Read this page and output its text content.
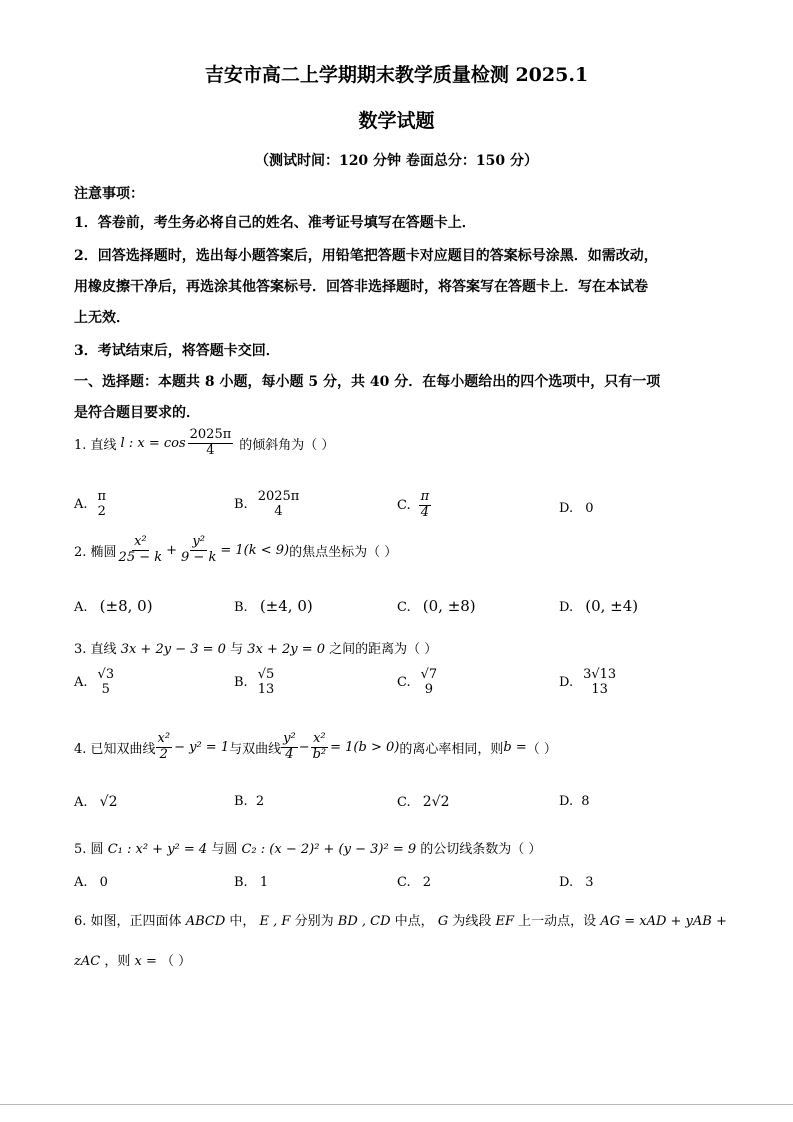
吉安市高二上学期期末教学质量检测 2025.1
数学试题
（测试时间：120 分钟 卷面总分：150 分）
注意事项：
1．答卷前，考生务必将自己的姓名、准考证号填写在答题卡上．
2．回答选择题时，选出每小题答案后，用铅笔把答题卡对应题目的答案标号涂黑．如需改动，
用橡皮擦干净后，再选涂其他答案标号．回答非选择题时，将答案写在答题卡上．写在本试卷
上无效．
3．考试结束后，将答题卡交回．
一、选择题：本题共 8 小题，每小题 5 分，共 40 分．在每小题给出的四个选项中，只有一项
是符合题目要求的．
1. 直线 l : $x = \cos \frac{2025\pi}{4}$ 的倾斜角为（ ）
A.
π
2	B.
2025π
4	C. $\frac{\pi}{4}$	D. 0
2. 椭圆 $\frac{\text{x²}}{25 - k} + \frac{\text{y²}}{9 - k} = 1(k < 9)$ 的焦点坐标为（ ）
A. (±8, 0)	B. (±4, 0)	C. (0, ±8)	D. (0, ±4)
3. 直线 3x + 2y − 3 = 0 与 3x + 2y = 0 之间的距离为（ ）
A.
√3
5	B.
√5
13	C.
√7
9	D.
3√13
13
4. 已知双曲线 $\frac{\text{x²}}{2} - y^2 = 1$ 与双曲线 $\frac{\text{y²}}{4} - \frac{\text{x²}}{\text{b²}} = 1(b > 0)$ 的离心率相同，则 b = （ ）
A. √2	B. 2	C. 2√2	D. 8
5. 圆 C₁ : x² + y² = 4 与圆 C₂ : (x − 2)² + (y − 3)² = 9 的公切线条数为（ ）
A. 0	B. 1	C. 2	D. 3
6. 如图，正四面体 ABCD 中， E , F 分别为 BD , CD 中点， G 为线段 EF 上一动点，设 AG = xAD + yAB +
zAC ，则 x = （ ）
